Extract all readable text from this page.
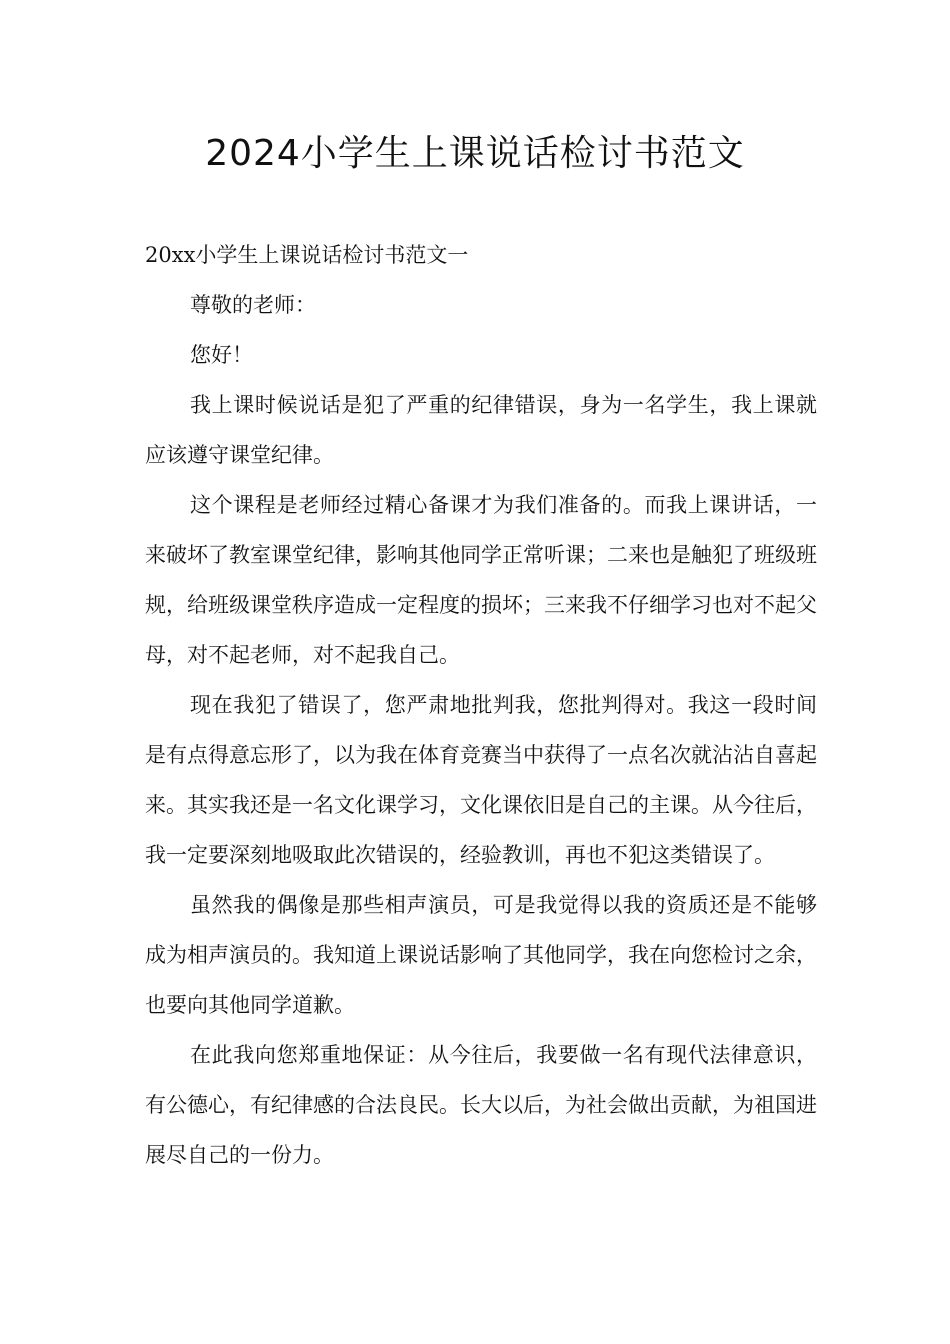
2024小学生上课说话检讨书范文

20xx小学生上课说话检讨书范文一

尊敬的老师：

您好！

我上课时候说话是犯了严重的纪律错误，身为一名学生，我上课就应该遵守课堂纪律。

这个课程是老师经过精心备课才为我们准备的。而我上课讲话，一来破坏了教室课堂纪律，影响其他同学正常听课；二来也是触犯了班级班规，给班级课堂秩序造成一定程度的损坏；三来我不仔细学习也对不起父母，对不起老师，对不起我自己。

现在我犯了错误了，您严肃地批判我，您批判得对。我这一段时间是有点得意忘形了，以为我在体育竞赛当中获得了一点名次就沾沾自喜起来。其实我还是一名文化课学习，文化课依旧是自己的主课。从今往后，我一定要深刻地吸取此次错误的，经验教训，再也不犯这类错误了。

虽然我的偶像是那些相声演员，可是我觉得以我的资质还是不能够成为相声演员的。我知道上课说话影响了其他同学，我在向您检讨之余，也要向其他同学道歉。

在此我向您郑重地保证：从今往后，我要做一名有现代法律意识，有公德心，有纪律感的合法良民。长大以后，为社会做出贡献，为祖国进展尽自己的一份力。
